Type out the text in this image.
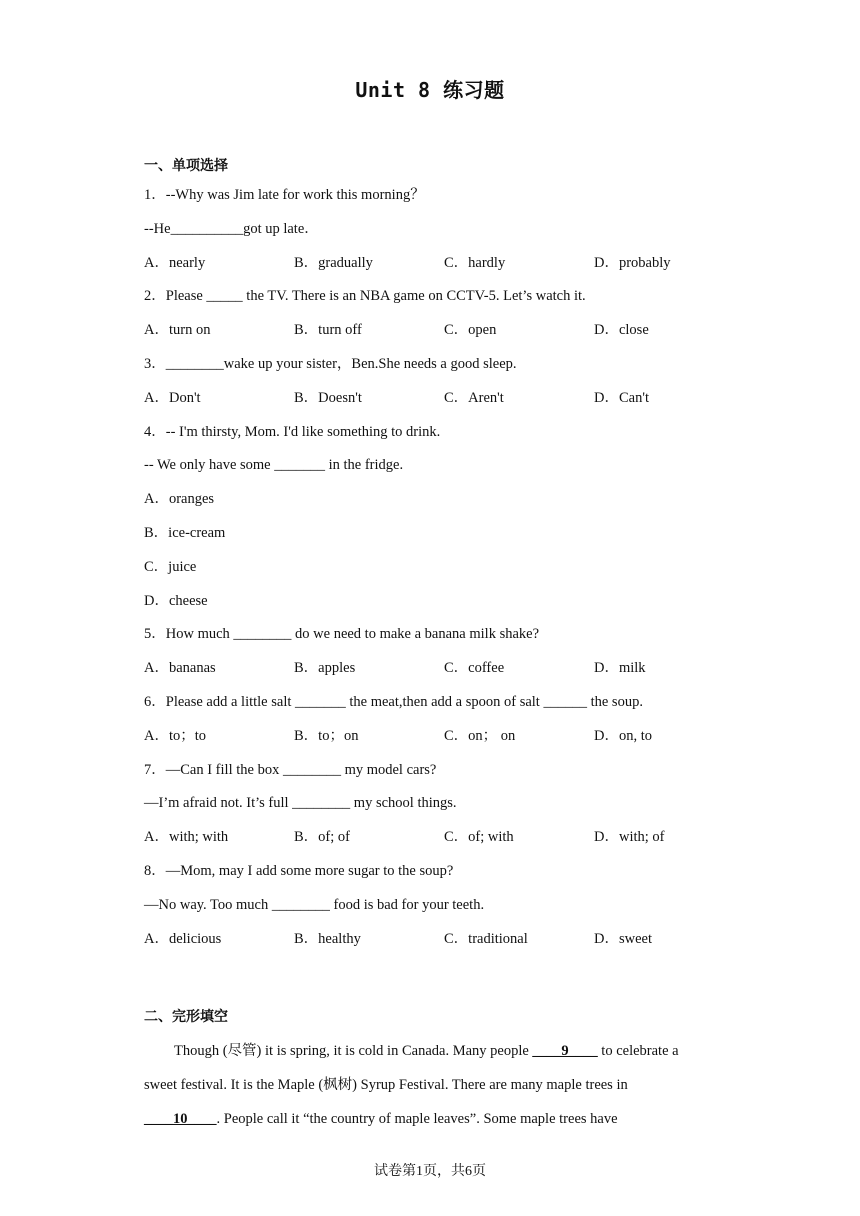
Unit 8 练习题
一、单项选择
1．--Why was Jim late for work this morning？
--He__________got up late．
A．nearly	B．gradually	C．hardly	D．probably
2．Please _____ the TV. There is an NBA game on CCTV-5. Let’s watch it.
A．turn on	B．turn off	C．open	D．close
3．________wake up your sister，Ben.She needs a good sleep.
A．Don't	B．Doesn't	C．Aren't	D．Can't
4．-- I'm thirsty, Mom. I'd like something to drink.
-- We only have some _______ in the fridge.
A．oranges
B．ice-cream
C．juice
D．cheese
5．How much ________ do we need to make a banana milk shake?
A．bananas	B．apples	C．coffee	D．milk
6．Please add a little salt _______ the meat,then add a spoon of salt ______ the soup.
A．to；to	B．to；on	C．on； on	D．on, to
7．—Can I fill the box ________ my model cars?
—I’m afraid not. It’s full ________ my school things.
A．with; with	B．of; of	C．of; with	D．with; of
8．—Mom, may I add some more sugar to the soup?
—No way. Too much ________ food is bad for your teeth.
A．delicious	B．healthy	C．traditional	D．sweet
二、完形填空
Though (尽管) it is spring, it is cold in Canada. Many people ____9____ to celebrate a
sweet festival. It is the Maple (枫树) Syrup Festival. There are many maple trees in
____10____. People call it “the country of maple leaves”. Some maple trees have
试卷第1页，共6页
